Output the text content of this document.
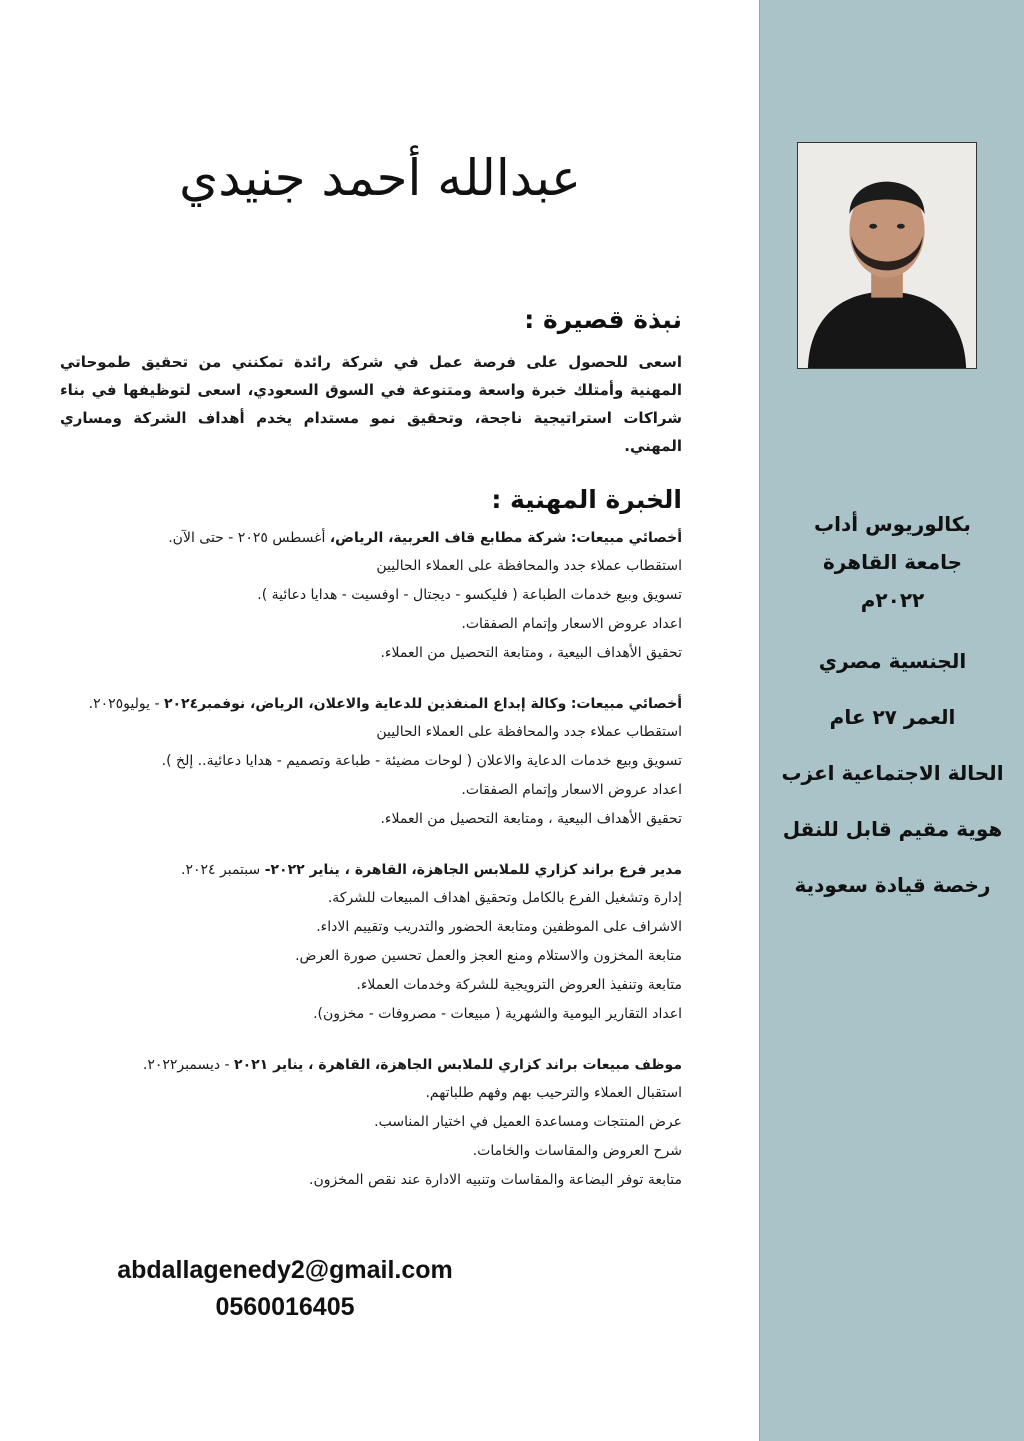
بكالوريوس أداب
جامعة القاهرة
٢٠٢٢م
الجنسية مصري
العمر ٢٧ عام
الحالة الاجتماعية اعزب
هوية مقيم قابل للنقل
رخصة قيادة سعودية
عبدالله أحمد جنيدي
نبذة قصيرة :

اسعى للحصول على فرصة عمل في شركة رائدة تمكنني من تحقيق طموحاتي المهنية وأمتلك خبرة واسعة ومتنوعة في السوق السعودي، اسعى لتوظيفها في بناء شراكات استراتيجية ناجحة، وتحقيق نمو مستدام يخدم أهداف الشركة ومساري المهني.

الخبرة المهنية :
أخصائي مبيعات: شركة مطابع قاف العربية، الرياض، أغسطس ٢٠٢٥ - حتى الآن.
استقطاب عملاء جدد والمحافظة على العملاء الحاليين
تسويق وبيع خدمات الطباعة ( فليكسو - ديجتال - اوفسيت - هدايا دعائية ).
اعداد عروض الاسعار وإتمام الصفقات.
تحقيق الأهداف البيعية ، ومتابعة التحصيل من العملاء.
أخصائي مبيعات: وكالة إبداع المنفذين للدعاية والاعلان، الرياض، نوفمبر٢٠٢٤ - يوليو٢٠٢٥.
استقطاب عملاء جدد والمحافظة على العملاء الحاليين
تسويق وبيع خدمات الدعاية والاعلان ( لوحات مضيئة - طباعة وتصميم - هدايا دعائية.. إلخ ).
اعداد عروض الاسعار وإتمام الصفقات.
تحقيق الأهداف البيعية ، ومتابعة التحصيل من العملاء.
مدير فرع براند كزاري للملابس الجاهزة، القاهرة ، يناير ٢٠٢٢- سبتمبر ٢٠٢٤.
إدارة وتشغيل الفرع بالكامل وتحقيق اهداف المبيعات للشركة.
الاشراف على الموظفين ومتابعة الحضور والتدريب وتقييم الاداء.
متابعة المخزون والاستلام ومنع العجز والعمل تحسين صورة العرض.
متابعة وتنفيذ العروض الترويجية للشركة وخدمات العملاء.
اعداد التقارير اليومية والشهرية ( مبيعات - مصروفات - مخزون).
موظف مبيعات براند كزاري للملابس الجاهزة، القاهرة ، يناير ٢٠٢١ - ديسمبر٢٠٢٢.
استقبال العملاء والترحيب بهم وفهم طلباتهم.
عرض المنتجات ومساعدة العميل في اختيار المناسب.
شرح العروض والمقاسات والخامات.
متابعة توفر البضاعة والمقاسات وتنبيه الادارة عند نقص المخزون.
abdallagenedy2@gmail.com
0560016405
